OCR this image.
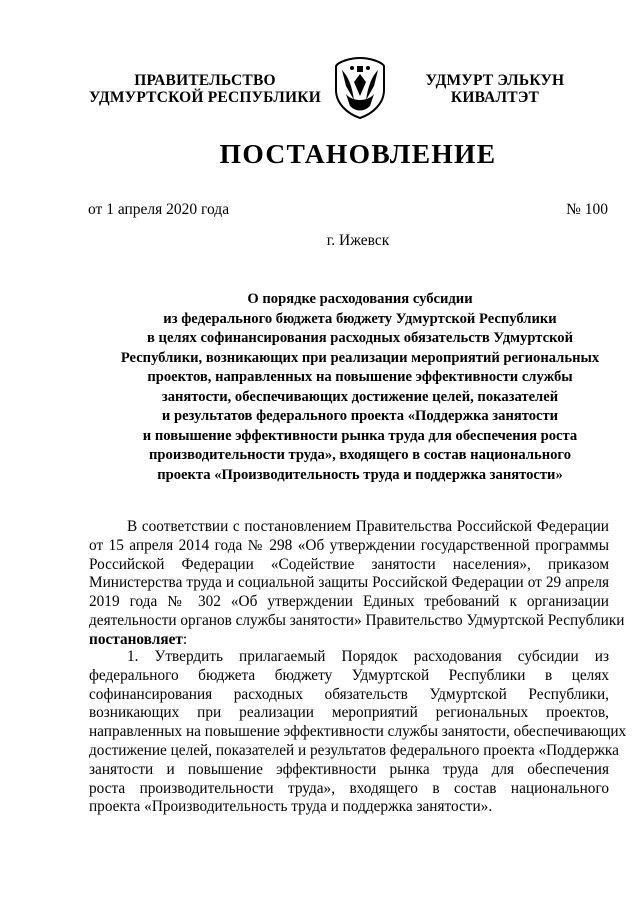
ПРАВИТЕЛЬСТВО
УДМУРТСКОЙ РЕСПУБЛИКИ
УДМУРТ ЭЛЬКУН
КИВАЛТЭТ
ПОСТАНОВЛЕНИЕ
от 1 апреля 2020 года	№ 100
г. Ижевск
О порядке расходования субсидии
из федерального бюджета бюджету Удмуртской Республики
в целях софинансирования расходных обязательств Удмуртской
Республики, возникающих при реализации мероприятий региональных
проектов, направленных на повышение эффективности службы
занятости, обеспечивающих достижение целей, показателей
и результатов федерального проекта «Поддержка занятости
и повышение эффективности рынка труда для обеспечения роста
производительности труда», входящего в состав национального
проекта «Производительность труда и поддержка занятости»
В соответствии с постановлением Правительства Российской Федерации
от 15 апреля 2014 года № 298 «Об утверждении государственной программы
Российской Федерации «Содействие занятости населения», приказом
Министерства труда и социальной защиты Российской Федерации от 29 апреля
2019 года № 302 «Об утверждении Единых требований к организации
деятельности органов службы занятости» Правительство Удмуртской Республики
постановляет:
1. Утвердить прилагаемый Порядок расходования субсидии из
федерального бюджета бюджету Удмуртской Республики в целях
софинансирования расходных обязательств Удмуртской Республики,
возникающих при реализации мероприятий региональных проектов,
направленных на повышение эффективности службы занятости, обеспечивающих
достижение целей, показателей и результатов федерального проекта «Поддержка
занятости и повышение эффективности рынка труда для обеспечения
роста производительности труда», входящего в состав национального
проекта «Производительность труда и поддержка занятости».
